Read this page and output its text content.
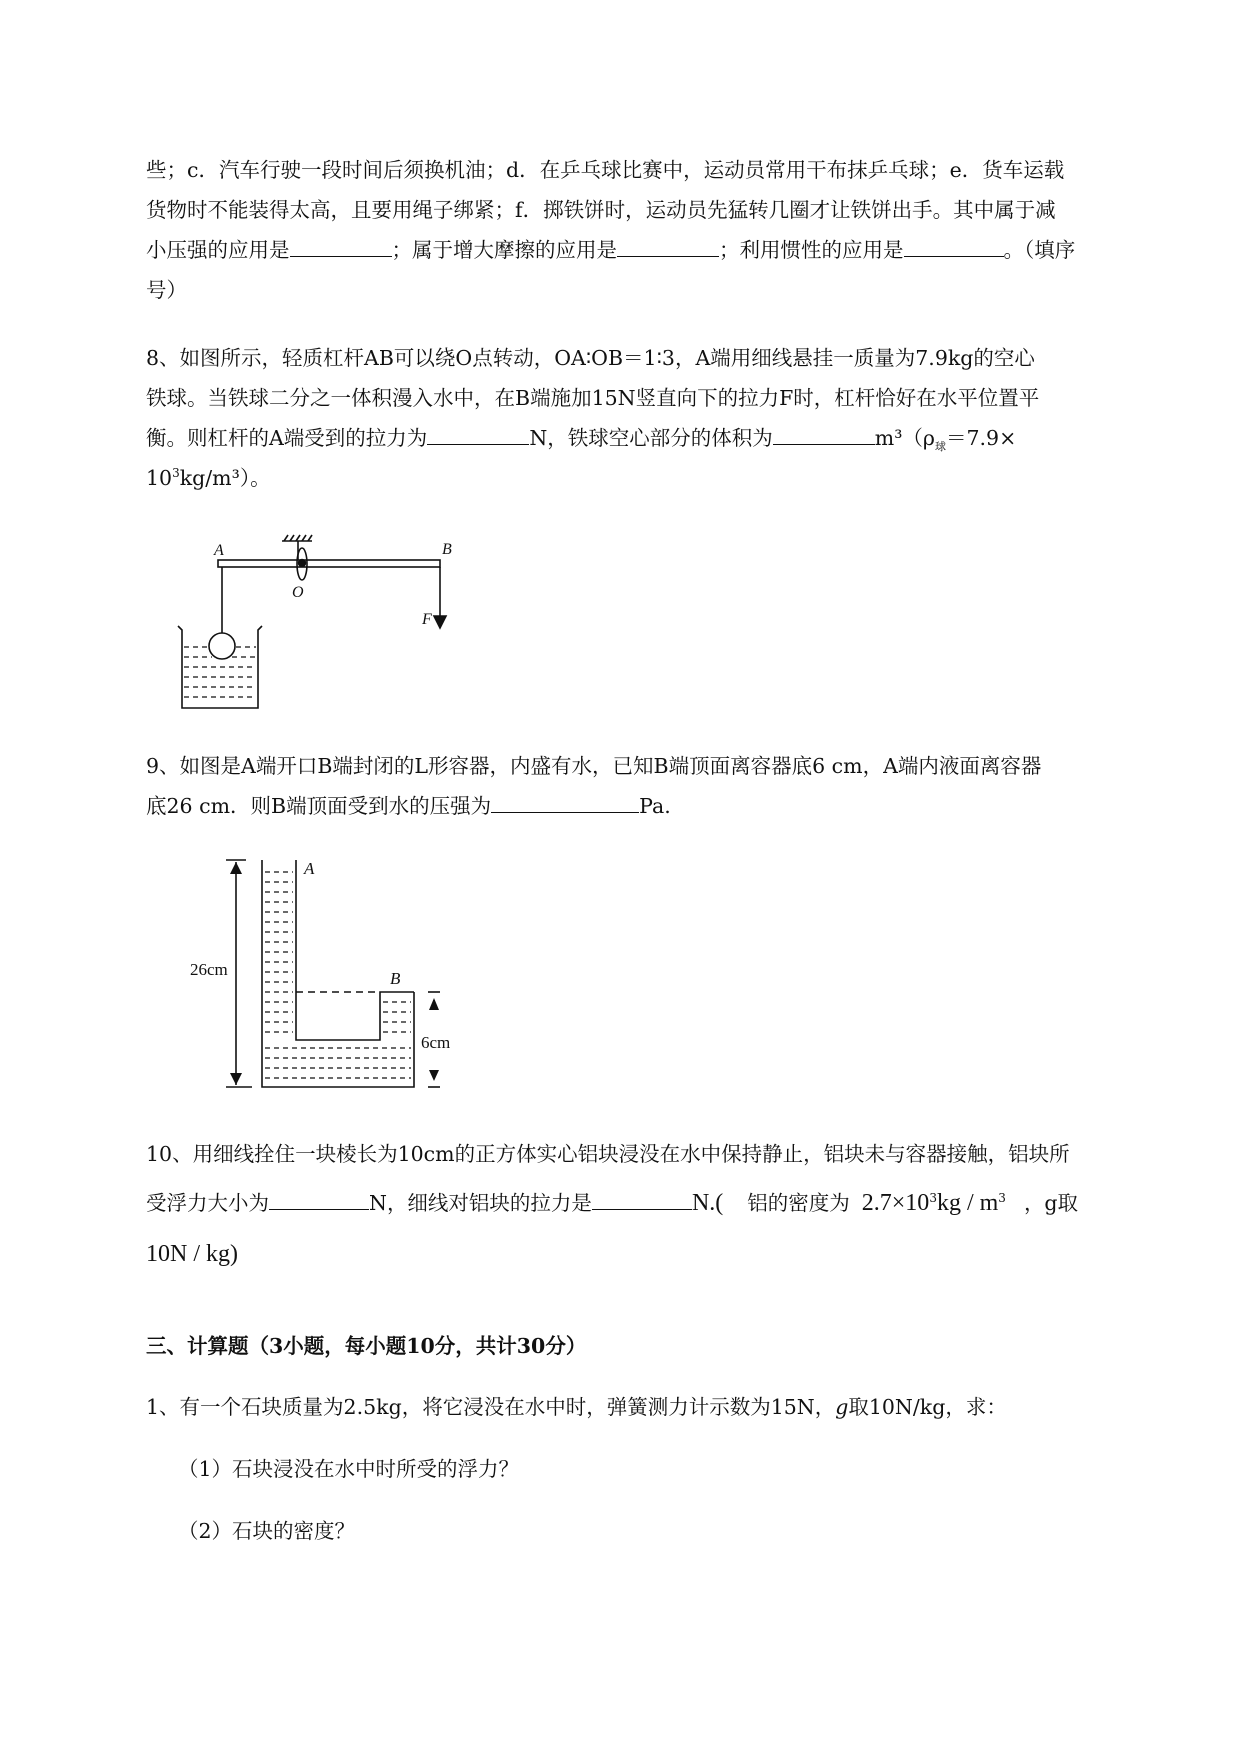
些；c．汽车行驶一段时间后须换机油；d．在乒乓球比赛中，运动员常用干布抹乒乓球；e．货车运载
货物时不能装得太高，且要用绳子绑紧；f．掷铁饼时，运动员先猛转几圈才让铁饼出手。其中属于减
小压强的应用是	；属于增大摩擦的应用是	；利用惯性的应用是	。（填序
号）
8、如图所示，轻质杠杆AB可以绕O点转动，OA∶OB＝1∶3，A端用细线悬挂一质量为7.9kg的空心
铁球。当铁球二分之一体积漫入水中，在B端施加15N竖直向下的拉力F时，杠杆恰好在水平位置平
衡。则杠杆的A端受到的拉力为	N，铁球空心部分的体积为	$m^3(\rho_球=7.9\times$
$10^3kg/m^3$）。
A	B
O
F
9、如图是A端开口B端封闭的L形容器，内盛有水，已知B端顶面离容器底6 cm，A端内液面离容器
底26 cm．则B端顶面受到水的压强为	Pa.
A
B
26cm
6cm
10、用细线拴住一块棱长为10cm的正方体实心铝块浸没在水中保持静止，铝块未与容器接触，铝块所
受浮力大小为	N，细线对铝块的拉力是	N.( 铝的密度为 $2.7\times 10^3kg / m^3$ ，g取
10N / kg)
三、计算题（3小题，每小题10分，共计30分）
1、有一个石块质量为2.5kg，将它浸没在水中时，弹簧测力计示数为15N，g取10N/kg，求：
（1）石块浸没在水中时所受的浮力？
（2）石块的密度？
